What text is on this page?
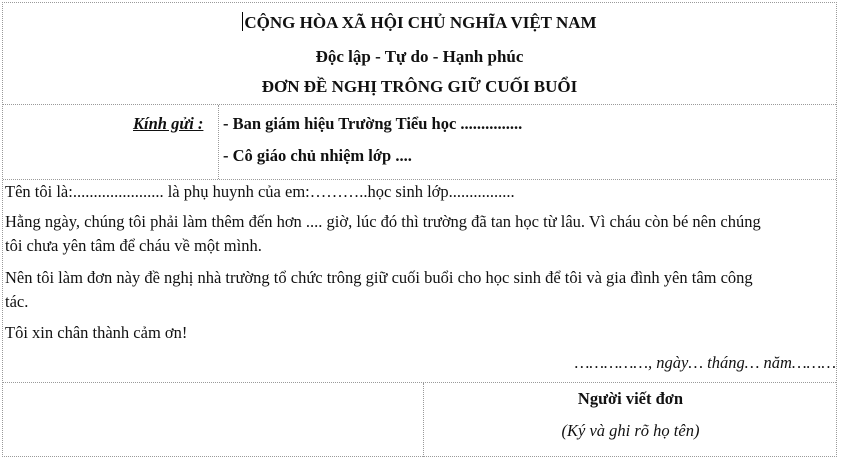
CỘNG HÒA XÃ HỘI CHỦ NGHĨA VIỆT NAM
Độc lập - Tự do - Hạnh phúc
ĐƠN ĐỀ NGHỊ TRÔNG GIỮ CUỐI BUỔI
Kính gửi : - Ban giám hiệu Trường Tiểu học ...............
- Cô giáo chủ nhiệm lớp ....
Tên tôi là:...................... là phụ huynh của em:………..học sinh lớp................
Hằng ngày, chúng tôi phải làm thêm đến hơn .... giờ, lúc đó thì trường đã tan học từ lâu. Vì cháu còn bé nên chúng
tôi chưa yên tâm để cháu về một mình.
Nên tôi làm đơn này đề nghị nhà trường tổ chức trông giữ cuối buổi cho học sinh để tôi và gia đình yên tâm công
tác.
Tôi xin chân thành cảm ơn!
……………, ngày… tháng… năm………
Người viết đơn
(Ký và ghi rõ họ tên)
